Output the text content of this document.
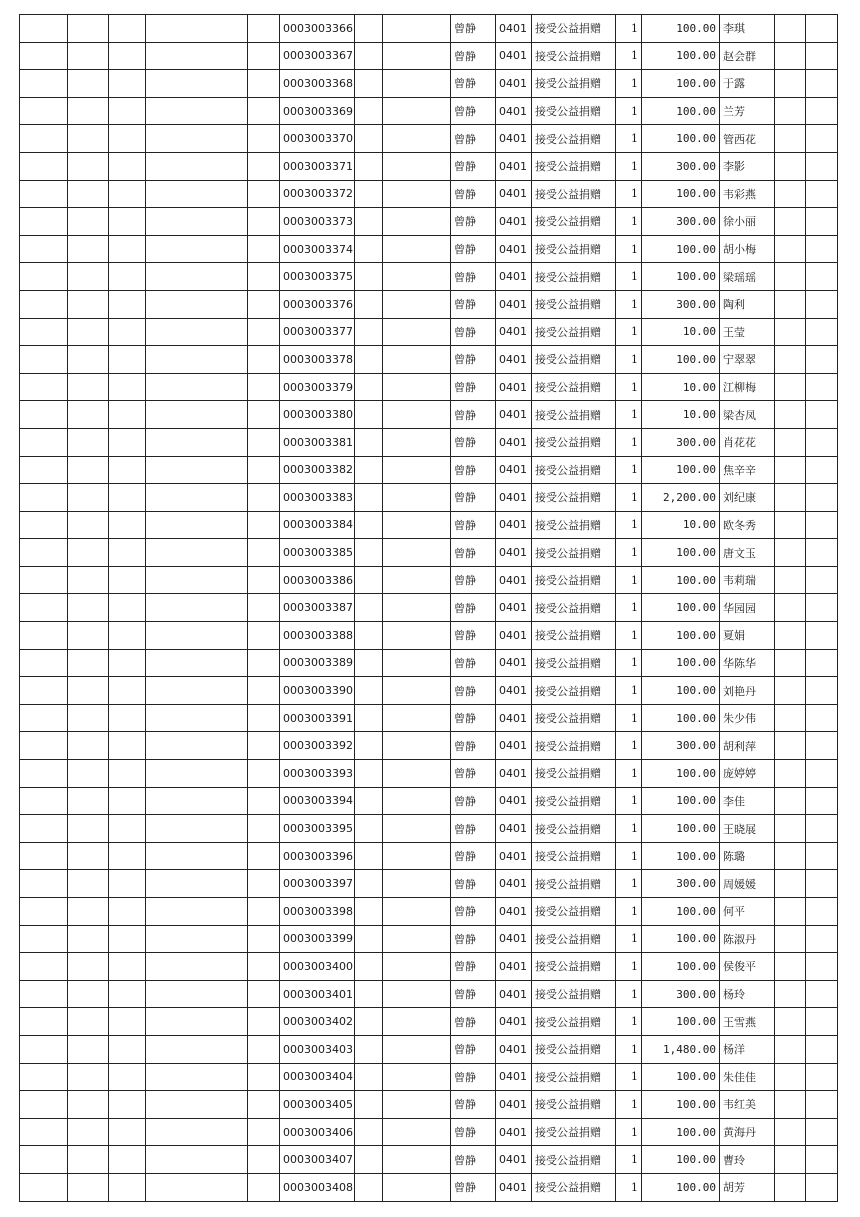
					0003003366			曾静	0401	接受公益捐赠	1	100.00	李琪		
					0003003367			曾静	0401	接受公益捐赠	1	100.00	赵会群		
					0003003368			曾静	0401	接受公益捐赠	1	100.00	于露		
					0003003369			曾静	0401	接受公益捐赠	1	100.00	兰芳		
					0003003370			曾静	0401	接受公益捐赠	1	100.00	管西花		
					0003003371			曾静	0401	接受公益捐赠	1	300.00	李影		
					0003003372			曾静	0401	接受公益捐赠	1	100.00	韦彩燕		
					0003003373			曾静	0401	接受公益捐赠	1	300.00	徐小丽		
					0003003374			曾静	0401	接受公益捐赠	1	100.00	胡小梅		
					0003003375			曾静	0401	接受公益捐赠	1	100.00	梁瑶瑶		
					0003003376			曾静	0401	接受公益捐赠	1	300.00	陶利		
					0003003377			曾静	0401	接受公益捐赠	1	10.00	王莹		
					0003003378			曾静	0401	接受公益捐赠	1	100.00	宁翠翠		
					0003003379			曾静	0401	接受公益捐赠	1	10.00	江柳梅		
					0003003380			曾静	0401	接受公益捐赠	1	10.00	梁杏凤		
					0003003381			曾静	0401	接受公益捐赠	1	300.00	肖花花		
					0003003382			曾静	0401	接受公益捐赠	1	100.00	焦辛辛		
					0003003383			曾静	0401	接受公益捐赠	1	2,200.00	刘纪康		
					0003003384			曾静	0401	接受公益捐赠	1	10.00	欧冬秀		
					0003003385			曾静	0401	接受公益捐赠	1	100.00	唐文玉		
					0003003386			曾静	0401	接受公益捐赠	1	100.00	韦莉瑞		
					0003003387			曾静	0401	接受公益捐赠	1	100.00	华园园		
					0003003388			曾静	0401	接受公益捐赠	1	100.00	夏娟		
					0003003389			曾静	0401	接受公益捐赠	1	100.00	华陈华		
					0003003390			曾静	0401	接受公益捐赠	1	100.00	刘艳丹		
					0003003391			曾静	0401	接受公益捐赠	1	100.00	朱少伟		
					0003003392			曾静	0401	接受公益捐赠	1	300.00	胡利萍		
					0003003393			曾静	0401	接受公益捐赠	1	100.00	庞婷婷		
					0003003394			曾静	0401	接受公益捐赠	1	100.00	李佳		
					0003003395			曾静	0401	接受公益捐赠	1	100.00	王晓展		
					0003003396			曾静	0401	接受公益捐赠	1	100.00	陈璐		
					0003003397			曾静	0401	接受公益捐赠	1	300.00	周媛媛		
					0003003398			曾静	0401	接受公益捐赠	1	100.00	何平		
					0003003399			曾静	0401	接受公益捐赠	1	100.00	陈淑丹		
					0003003400			曾静	0401	接受公益捐赠	1	100.00	侯俊平		
					0003003401			曾静	0401	接受公益捐赠	1	300.00	杨玲		
					0003003402			曾静	0401	接受公益捐赠	1	100.00	王雪燕		
					0003003403			曾静	0401	接受公益捐赠	1	1,480.00	杨洋		
					0003003404			曾静	0401	接受公益捐赠	1	100.00	朱佳佳		
					0003003405			曾静	0401	接受公益捐赠	1	100.00	韦红美		
					0003003406			曾静	0401	接受公益捐赠	1	100.00	黄海丹		
					0003003407			曾静	0401	接受公益捐赠	1	100.00	曹玲		
					0003003408			曾静	0401	接受公益捐赠	1	100.00	胡芳		
